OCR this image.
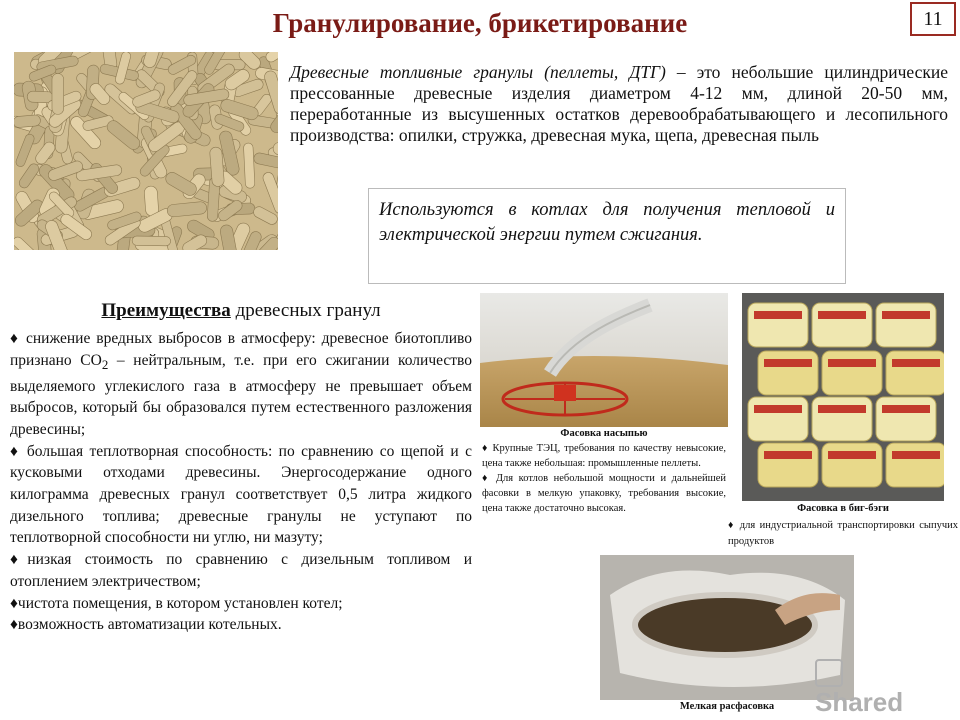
Гранулирование, брикетирование	11
Древесные топливные гранулы (пеллеты, ДТГ) – это небольшие цилиндрические прессованные древесные изделия диаметром 4-12 мм, длиной 20-50 мм, переработанные из высушенных остатков деревообрабатывающего и лесопильного производства: опилки, стружка, древесная мука, щепа, древесная пыль
Используются в котлах для получения тепловой и электрической энергии путем сжигания.
Преимущества древесных гранул

♦ снижение вредных выбросов в атмосферу: древесное биотопливо признано $СО_2$ – нейтральным, т.е. при его сжигании количество выделяемого углекислого газа в атмосферу не превышает объем выбросов, который бы образовался путем естественного разложения древесины;

♦ большая теплотворная способность: по сравнению со щепой и с кусковыми отходами древесины. Энергосодержание одного килограмма древесных гранул соответствует 0,5 литра жидкого дизельного топлива; древесные гранулы не уступают по теплотворной способности ни углю, ни мазуту;

♦низкая стоимость по сравнению с дизельным топливом и отоплением электричеством;

♦чистота помещения, в котором установлен котел;

♦возможность автоматизации котельных.

Фасовка насыпью

♦ Крупные ТЭЦ, требования по качеству невысокие, цена также небольшая: промышленные пеллеты.

♦ Для котлов небольшой мощности и дальнейшей фасовки в мелкую упаковку, требования высокие, цена также достаточно высокая.	Фасовка в биг-бэги
♦ для индустриальной транспортировки сыпучих продуктов
Мелкая расфасовка	Shared
